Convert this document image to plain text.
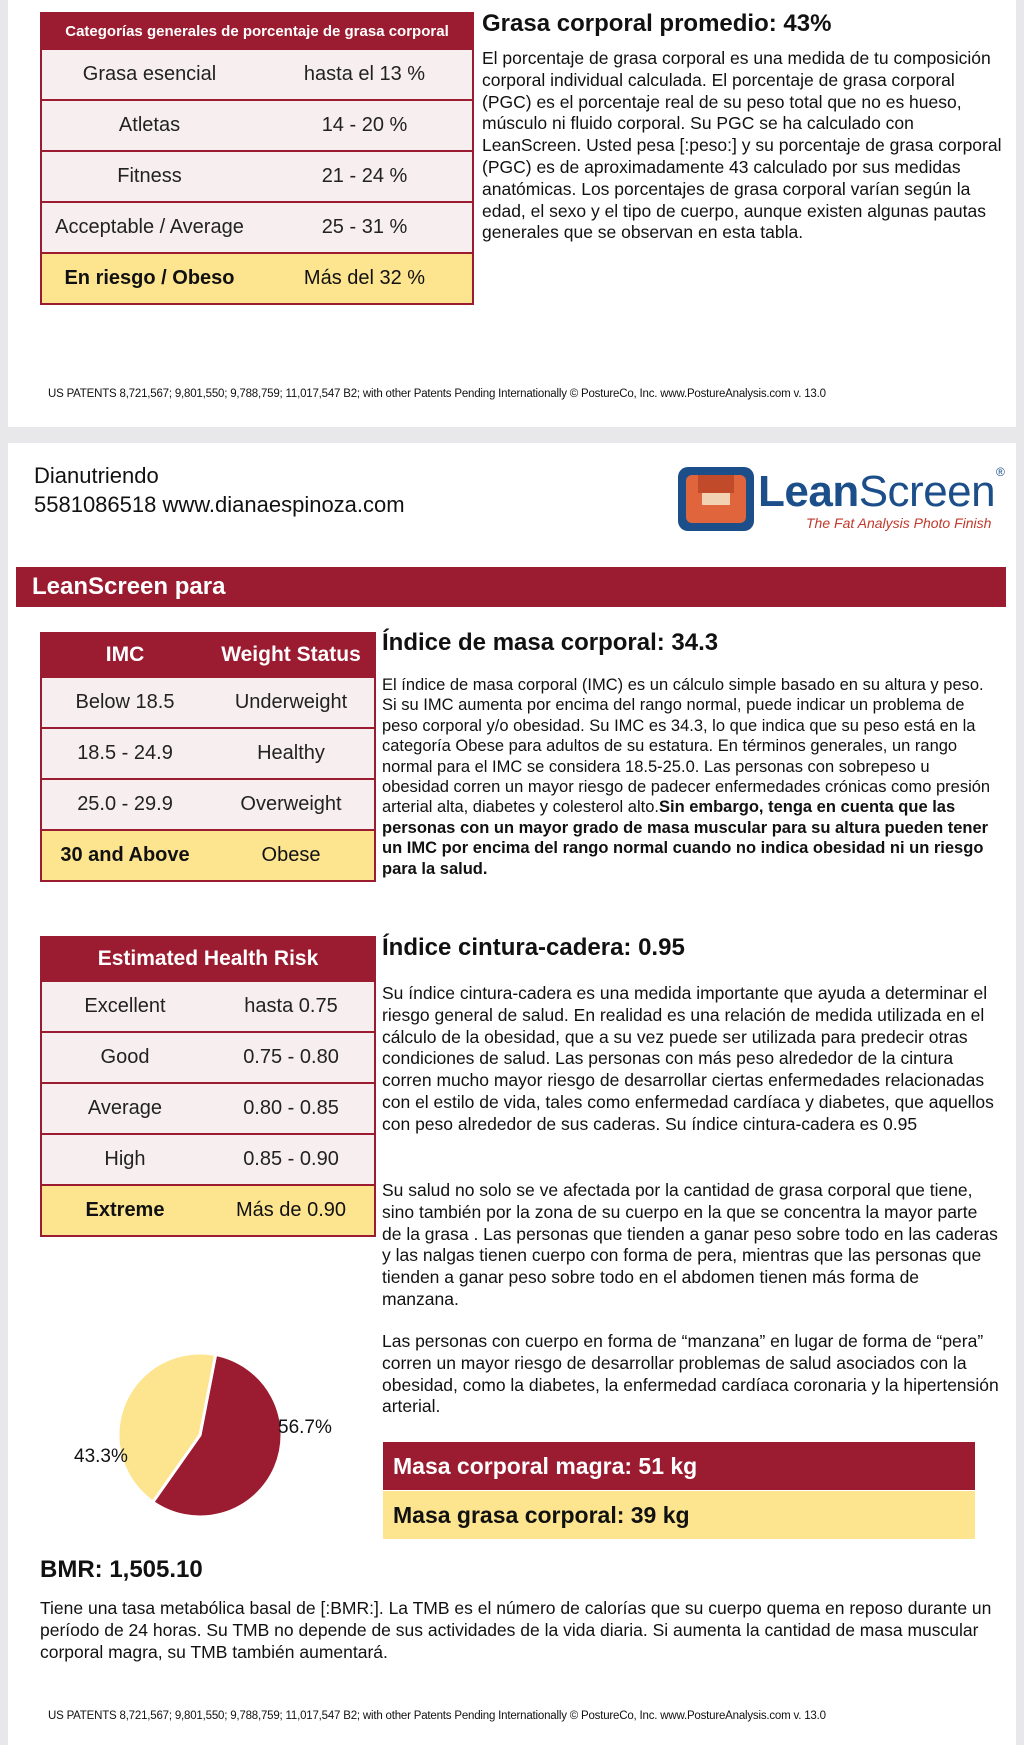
Categorías generales de porcentaje de grasa corporal
Grasa esencial	hasta el 13 %
Atletas	14 - 20 %
Fitness	21 - 24 %
Acceptable / Average	25 - 31 %
En riesgo / Obeso	Más del 32 %
Grasa corporal promedio: 43%
El porcentaje de grasa corporal es una medida de tu composición corporal individual calculada. El porcentaje de grasa corporal (PGC) es el porcentaje real de su peso total que no es hueso, músculo ni fluido corporal. Su PGC se ha calculado con LeanScreen. Usted pesa [:peso:] y su porcentaje de grasa corporal (PGC) es de aproximadamente 43 calculado por sus medidas anatómicas. Los porcentajes de grasa corporal varían según la edad, el sexo y el tipo de cuerpo, aunque existen algunas pautas generales que se observan en esta tabla.
US PATENTS 8,721,567; 9,801,550; 9,788,759; 11,017,547 B2; with other Patents Pending Internationally © PostureCo, Inc. www.PostureAnalysis.com v. 13.0
Dianutriendo
5581086518 www.dianaespinoza.com	LeanScreen ®
The Fat Analysis Photo Finish
LeanScreen para
IMC	Weight Status
Below 18.5	Underweight
18.5 - 24.9	Healthy
25.0 - 29.9	Overweight
30 and Above	Obese
Índice de masa corporal: 34.3
El índice de masa corporal (IMC) es un cálculo simple basado en su altura y peso. Si su IMC aumenta por encima del rango normal, puede indicar un problema de peso corporal y/o obesidad. Su IMC es 34.3, lo que indica que su peso está en la categoría Obese para adultos de su estatura. En términos generales, un rango normal para el IMC se considera 18.5-25.0. Las personas con sobrepeso u obesidad corren un mayor riesgo de padecer enfermedades crónicas como presión arterial alta, diabetes y colesterol alto.Sin embargo, tenga en cuenta que las personas con un mayor grado de masa muscular para su altura pueden tener un IMC por encima del rango normal cuando no indica obesidad ni un riesgo para la salud.
Estimated Health Risk
Excellent	hasta 0.75
Good	0.75 - 0.80
Average	0.80 - 0.85
High	0.85 - 0.90
Extreme	Más de 0.90
Índice cintura-cadera: 0.95
Su índice cintura-cadera es una medida importante que ayuda a determinar el riesgo general de salud. En realidad es una relación de medida utilizada en el cálculo de la obesidad, que a su vez puede ser utilizada para predecir otras condiciones de salud. Las personas con más peso alrededor de la cintura corren mucho mayor riesgo de desarrollar ciertas enfermedades relacionadas con el estilo de vida, tales como enfermedad cardíaca y diabetes, que aquellos con peso alrededor de sus caderas. Su índice cintura-cadera es 0.95
Su salud no solo se ve afectada por la cantidad de grasa corporal que tiene, sino también por la zona de su cuerpo en la que se concentra la mayor parte de la grasa . Las personas que tienden a ganar peso sobre todo en las caderas y las nalgas tienen cuerpo con forma de pera, mientras que las personas que tienden a ganar peso sobre todo en el abdomen tienen más forma de manzana.
Las personas con cuerpo en forma de “manzana” en lugar de forma de “pera” corren un mayor riesgo de desarrollar problemas de salud asociados con la obesidad, como la diabetes, la enfermedad cardíaca coronaria y la hipertensión arterial.
56.7%
43.3%	Masa corporal magra: 51 kg
Masa grasa corporal: 39 kg
BMR: 1,505.10
Tiene una tasa metabólica basal de [:BMR:]. La TMB es el número de calorías que su cuerpo quema en reposo durante un período de 24 horas. Su TMB no depende de sus actividades de la vida diaria. Si aumenta la cantidad de masa muscular corporal magra, su TMB también aumentará.
US PATENTS 8,721,567; 9,801,550; 9,788,759; 11,017,547 B2; with other Patents Pending Internationally © PostureCo, Inc. www.PostureAnalysis.com v. 13.0
